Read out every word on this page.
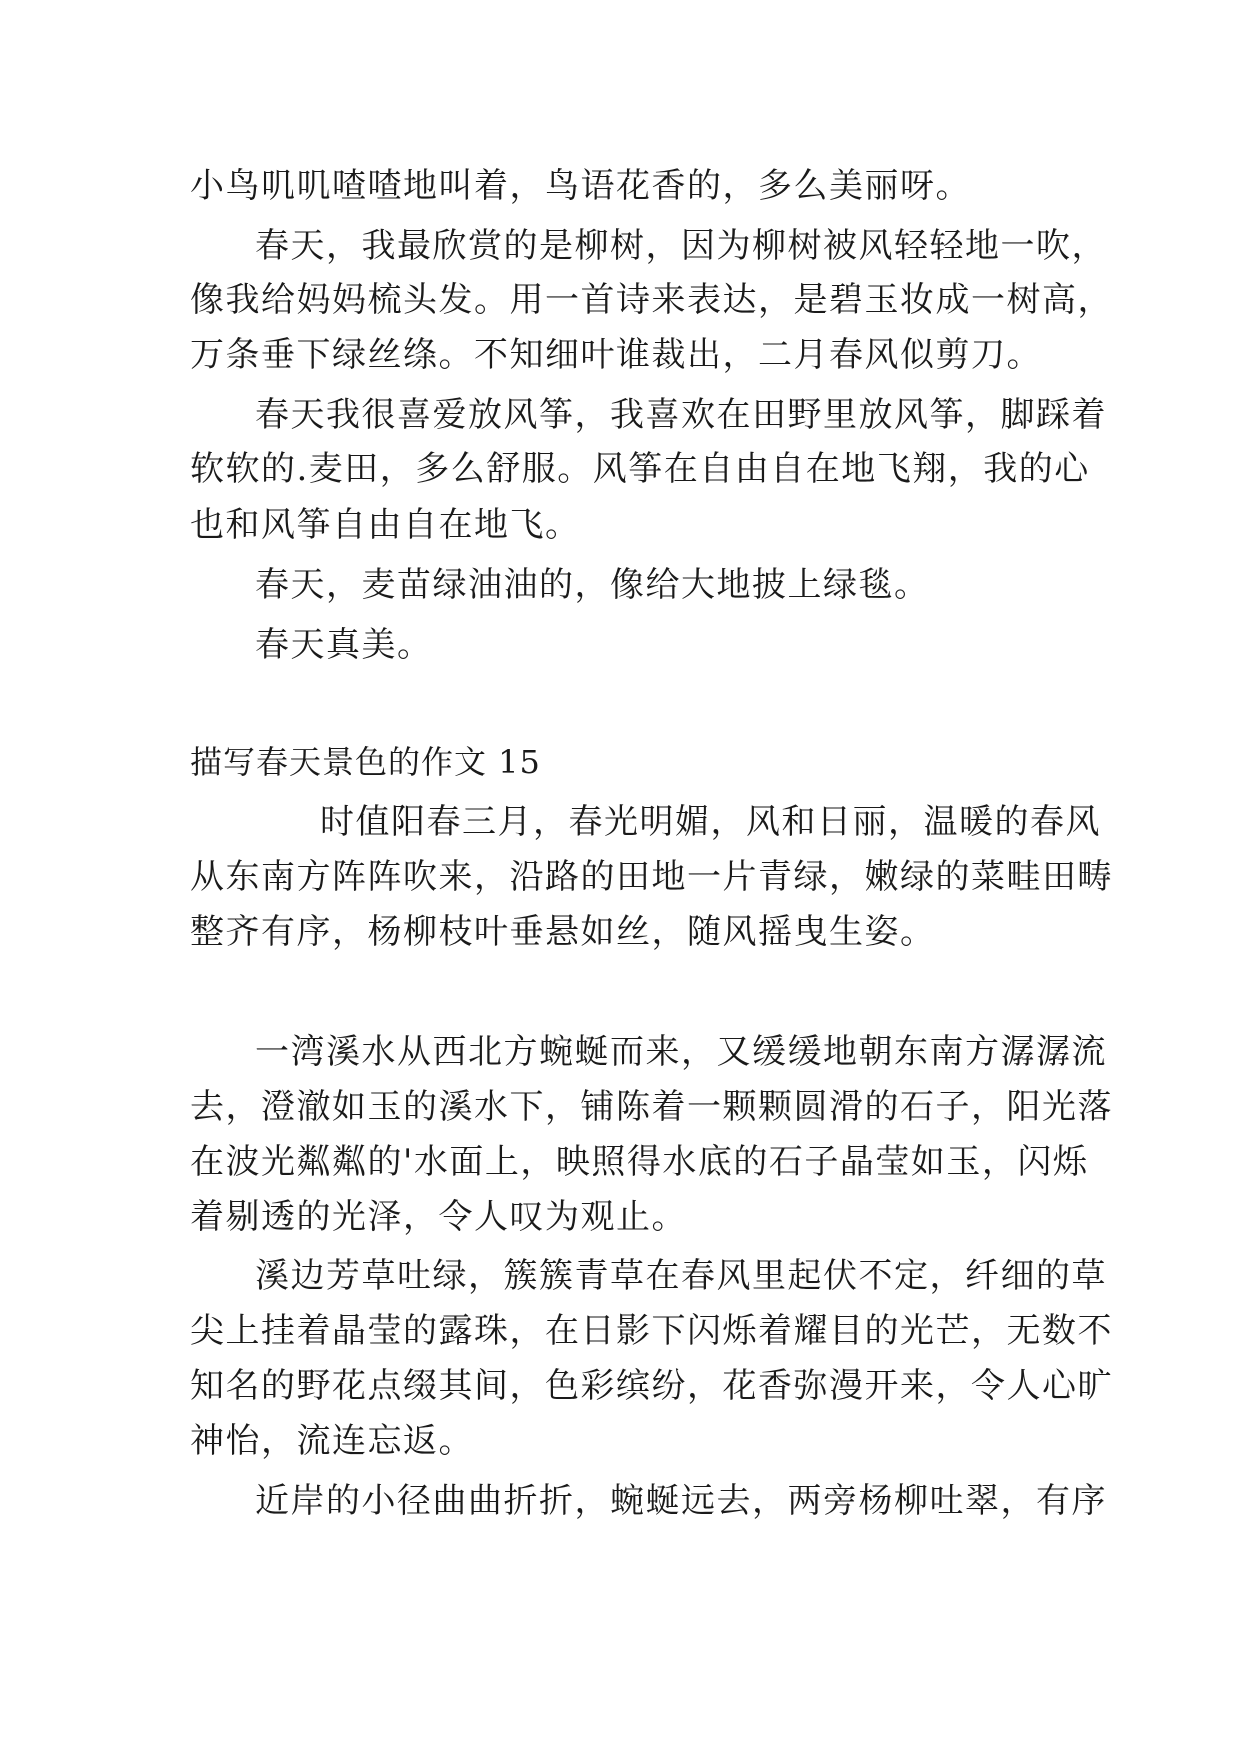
小鸟叽叽喳喳地叫着，鸟语花香的，多么美丽呀。
春天，我最欣赏的是柳树，因为柳树被风轻轻地一吹，
像我给妈妈梳头发。用一首诗来表达，是碧玉妆成一树高，
万条垂下绿丝绦。不知细叶谁裁出，二月春风似剪刀。
春天我很喜爱放风筝，我喜欢在田野里放风筝，脚踩着
软软的.麦田，多么舒服。风筝在自由自在地飞翔，我的心
也和风筝自由自在地飞。
春天，麦苗绿油油的，像给大地披上绿毯。
春天真美。
描写春天景色的作文 15
时值阳春三月，春光明媚，风和日丽，温暖的春风
从东南方阵阵吹来，沿路的田地一片青绿，嫩绿的菜畦田畴
整齐有序，杨柳枝叶垂悬如丝，随风摇曳生姿。
一湾溪水从西北方蜿蜒而来，又缓缓地朝东南方潺潺流
去，澄澈如玉的溪水下，铺陈着一颗颗圆滑的石子，阳光落
在波光粼粼的'水面上，映照得水底的石子晶莹如玉，闪烁
着剔透的光泽，令人叹为观止。
溪边芳草吐绿，簇簇青草在春风里起伏不定，纤细的草
尖上挂着晶莹的露珠，在日影下闪烁着耀目的光芒，无数不
知名的野花点缀其间，色彩缤纷，花香弥漫开来，令人心旷
神怡，流连忘返。
近岸的小径曲曲折折，蜿蜒远去，两旁杨柳吐翠，有序
